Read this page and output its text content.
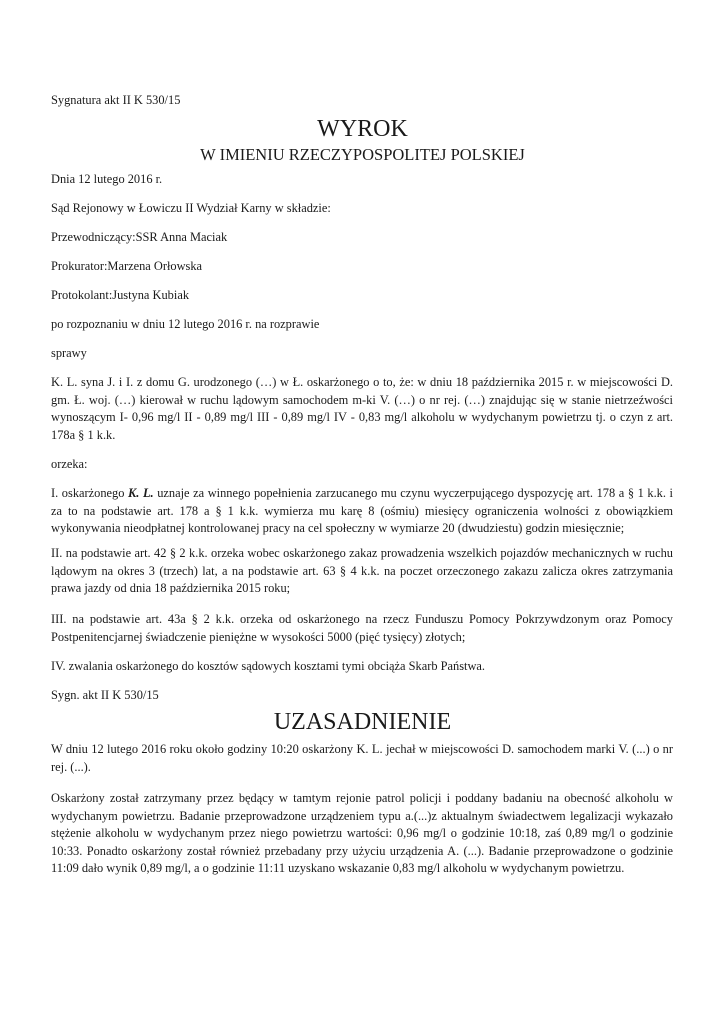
Sygnatura akt II K 530/15

WYROK

W IMIENIU RZECZYPOSPOLITEJ POLSKIEJ

Dnia 12 lutego 2016 r.

Sąd Rejonowy w Łowiczu II Wydział Karny w składzie:

Przewodniczący:SSR Anna Maciak

Prokurator:Marzena Orłowska

Protokolant:Justyna Kubiak

po rozpoznaniu w dniu 12 lutego 2016 r. na rozprawie

sprawy

K. L. syna J. i I. z domu G. urodzonego (…) w Ł. oskarżonego o to, że: w dniu 18 października 2015 r. w miejscowości D. gm. Ł. woj. (…) kierował w ruchu lądowym samochodem m-ki V. (…) o nr rej. (…) znajdując się w stanie nietrzeźwości wynoszącym I- 0,96 mg/l II - 0,89 mg/l III - 0,89 mg/l IV - 0,83 mg/l alkoholu w wydychanym powietrzu tj. o czyn z art. 178a § 1 k.k.

orzeka:

I. oskarżonego K. L. uznaje za winnego popełnienia zarzucanego mu czynu wyczerpującego dyspozycję art. 178 a § 1 k.k. i za to na podstawie art. 178 a § 1 k.k. wymierza mu karę 8 (ośmiu) miesięcy ograniczenia wolności z obowiązkiem wykonywania nieodpłatnej kontrolowanej pracy na cel społeczny w wymiarze 20 (dwudziestu) godzin miesięcznie;

II. na podstawie art. 42 § 2 k.k. orzeka wobec oskarżonego zakaz prowadzenia wszelkich pojazdów mechanicznych w ruchu lądowym na okres 3 (trzech) lat, a na podstawie art. 63 § 4 k.k. na poczet orzeczonego zakazu zalicza okres zatrzymania prawa jazdy od dnia 18 października 2015 roku;

III. na podstawie art. 43a § 2 k.k. orzeka od oskarżonego na rzecz Funduszu Pomocy Pokrzywdzonym oraz Pomocy Postpenitencjarnej świadczenie pieniężne w wysokości 5000 (pięć tysięcy) złotych;

IV. zwalania oskarżonego do kosztów sądowych kosztami tymi obciąża Skarb Państwa.

Sygn. akt II K 530/15

UZASADNIENIE

W dniu 12 lutego 2016 roku około godziny 10:20 oskarżony K. L. jechał w miejscowości D. samochodem marki V. (...) o nr rej. (...).

Oskarżony został zatrzymany przez będący w tamtym rejonie patrol policji i poddany badaniu na obecność alkoholu w wydychanym powietrzu. Badanie przeprowadzone urządzeniem typu a.(...)z aktualnym świadectwem legalizacji wykazało stężenie alkoholu w wydychanym przez niego powietrzu wartości: 0,96 mg/l o godzinie 10:18, zaś 0,89 mg/l o godzinie 10:33. Ponadto oskarżony został również przebadany przy użyciu urządzenia A. (...). Badanie przeprowadzone o godzinie 11:09 dało wynik 0,89 mg/l, a o godzinie 11:11 uzyskano wskazanie 0,83 mg/l alkoholu w wydychanym powietrzu.
